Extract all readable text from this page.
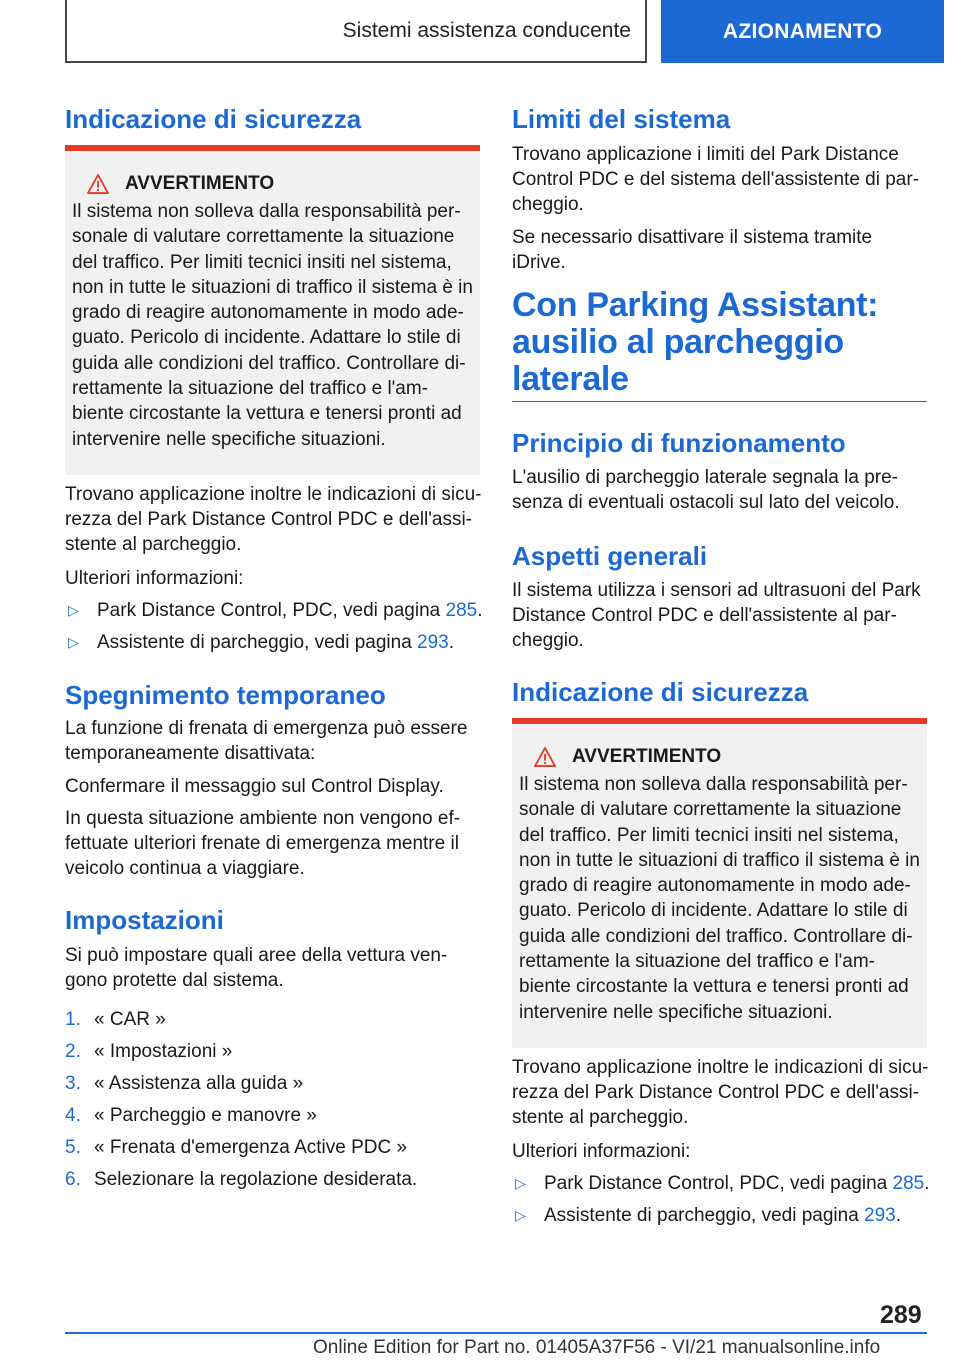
Sistemi assistenza conducente	AZIONAMENTO
Indicazione di sicurezza
AVVERTIMENTO
Il sistema non solleva dalla responsabilità per-
sonale di valutare correttamente la situazione
del traffico. Per limiti tecnici insiti nel sistema,
non in tutte le situazioni di traffico il sistema è in
grado di reagire autonomamente in modo ade-
guato. Pericolo di incidente. Adattare lo stile di
guida alle condizioni del traffico. Controllare di-
rettamente la situazione del traffico e l'am-
biente circostante la vettura e tenersi pronti ad
intervenire nelle specifiche situazioni.
Trovano applicazione inoltre le indicazioni di sicu-
rezza del Park Distance Control PDC e dell'assi-
stente al parcheggio.
Ulteriori informazioni:
▷ Park Distance Control, PDC, vedi pagina 285.
▷ Assistente di parcheggio, vedi pagina 293.
Spegnimento temporaneo
La funzione di frenata di emergenza può essere
temporaneamente disattivata:
Confermare il messaggio sul Control Display.
In questa situazione ambiente non vengono ef-
fettuate ulteriori frenate di emergenza mentre il
veicolo continua a viaggiare.
Impostazioni
Si può impostare quali aree della vettura ven-
gono protette dal sistema.
1. « CAR »
2. « Impostazioni »
3. « Assistenza alla guida »
4. « Parcheggio e manovre »
5. « Frenata d'emergenza Active PDC »
6. Selezionare la regolazione desiderata.
Limiti del sistema
Trovano applicazione i limiti del Park Distance
Control PDC e del sistema dell'assistente di par-
cheggio.
Se necessario disattivare il sistema tramite iDrive.
Con Parking Assistant:
ausilio al parcheggio
laterale
Principio di funzionamento
L'ausilio di parcheggio laterale segnala la pre-
senza di eventuali ostacoli sul lato del veicolo.
Aspetti generali
Il sistema utilizza i sensori ad ultrasuoni del Park
Distance Control PDC e dell'assistente al par-
cheggio.
Indicazione di sicurezza
AVVERTIMENTO
Il sistema non solleva dalla responsabilità per-
sonale di valutare correttamente la situazione
del traffico. Per limiti tecnici insiti nel sistema,
non in tutte le situazioni di traffico il sistema è in
grado di reagire autonomamente in modo ade-
guato. Pericolo di incidente. Adattare lo stile di
guida alle condizioni del traffico. Controllare di-
rettamente la situazione del traffico e l'am-
biente circostante la vettura e tenersi pronti ad
intervenire nelle specifiche situazioni.
Trovano applicazione inoltre le indicazioni di sicu-
rezza del Park Distance Control PDC e dell'assi-
stente al parcheggio.
Ulteriori informazioni:
▷ Park Distance Control, PDC, vedi pagina 285.
▷ Assistente di parcheggio, vedi pagina 293.
289
Online Edition for Part no. 01405A37F56 - VI/21 manualsonline.info
